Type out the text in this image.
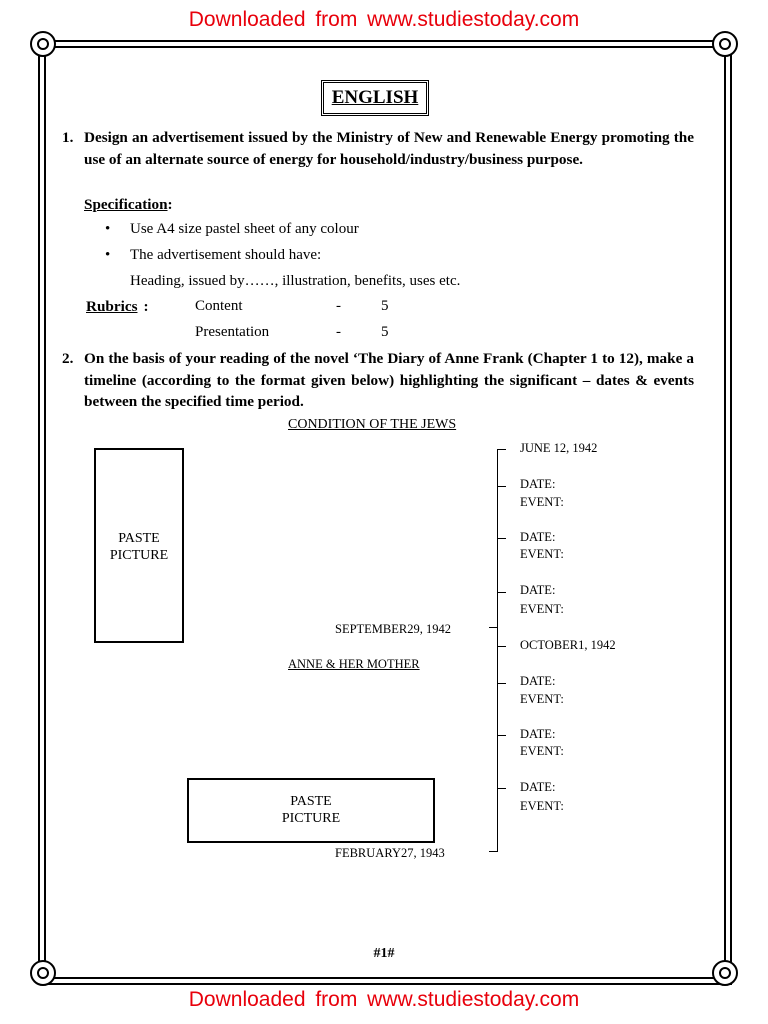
Downloaded from www.studiestoday.com
Downloaded from www.studiestoday.com
ENGLISH
1. Design an advertisement issued by the Ministry of New and Renewable Energy promoting the use of an alternate source of energy for household/industry/business purpose.
Specification:
• Use A4 size pastel sheet of any colour
• The advertisement should have:
Heading, issued by……, illustration, benefits, uses etc.
Rubrics :	Content	-	5
Presentation	-	5
2. On the basis of your reading of the novel ‘The Diary of Anne Frank (Chapter 1 to 12), make a timeline (according to the format given below) highlighting the significant – dates & events between the specified time period.
CONDITION OF THE JEWS
PASTE
PICTURE
PASTE
PICTURE
SEPTEMBER29, 1942
ANNE & HER MOTHER
FEBRUARY27, 1943
JUNE 12, 1942
DATE:
EVENT:
DATE:
EVENT:
DATE:
EVENT:
OCTOBER1, 1942
DATE:
EVENT:
DATE:
EVENT:
DATE:
EVENT:
#1#
